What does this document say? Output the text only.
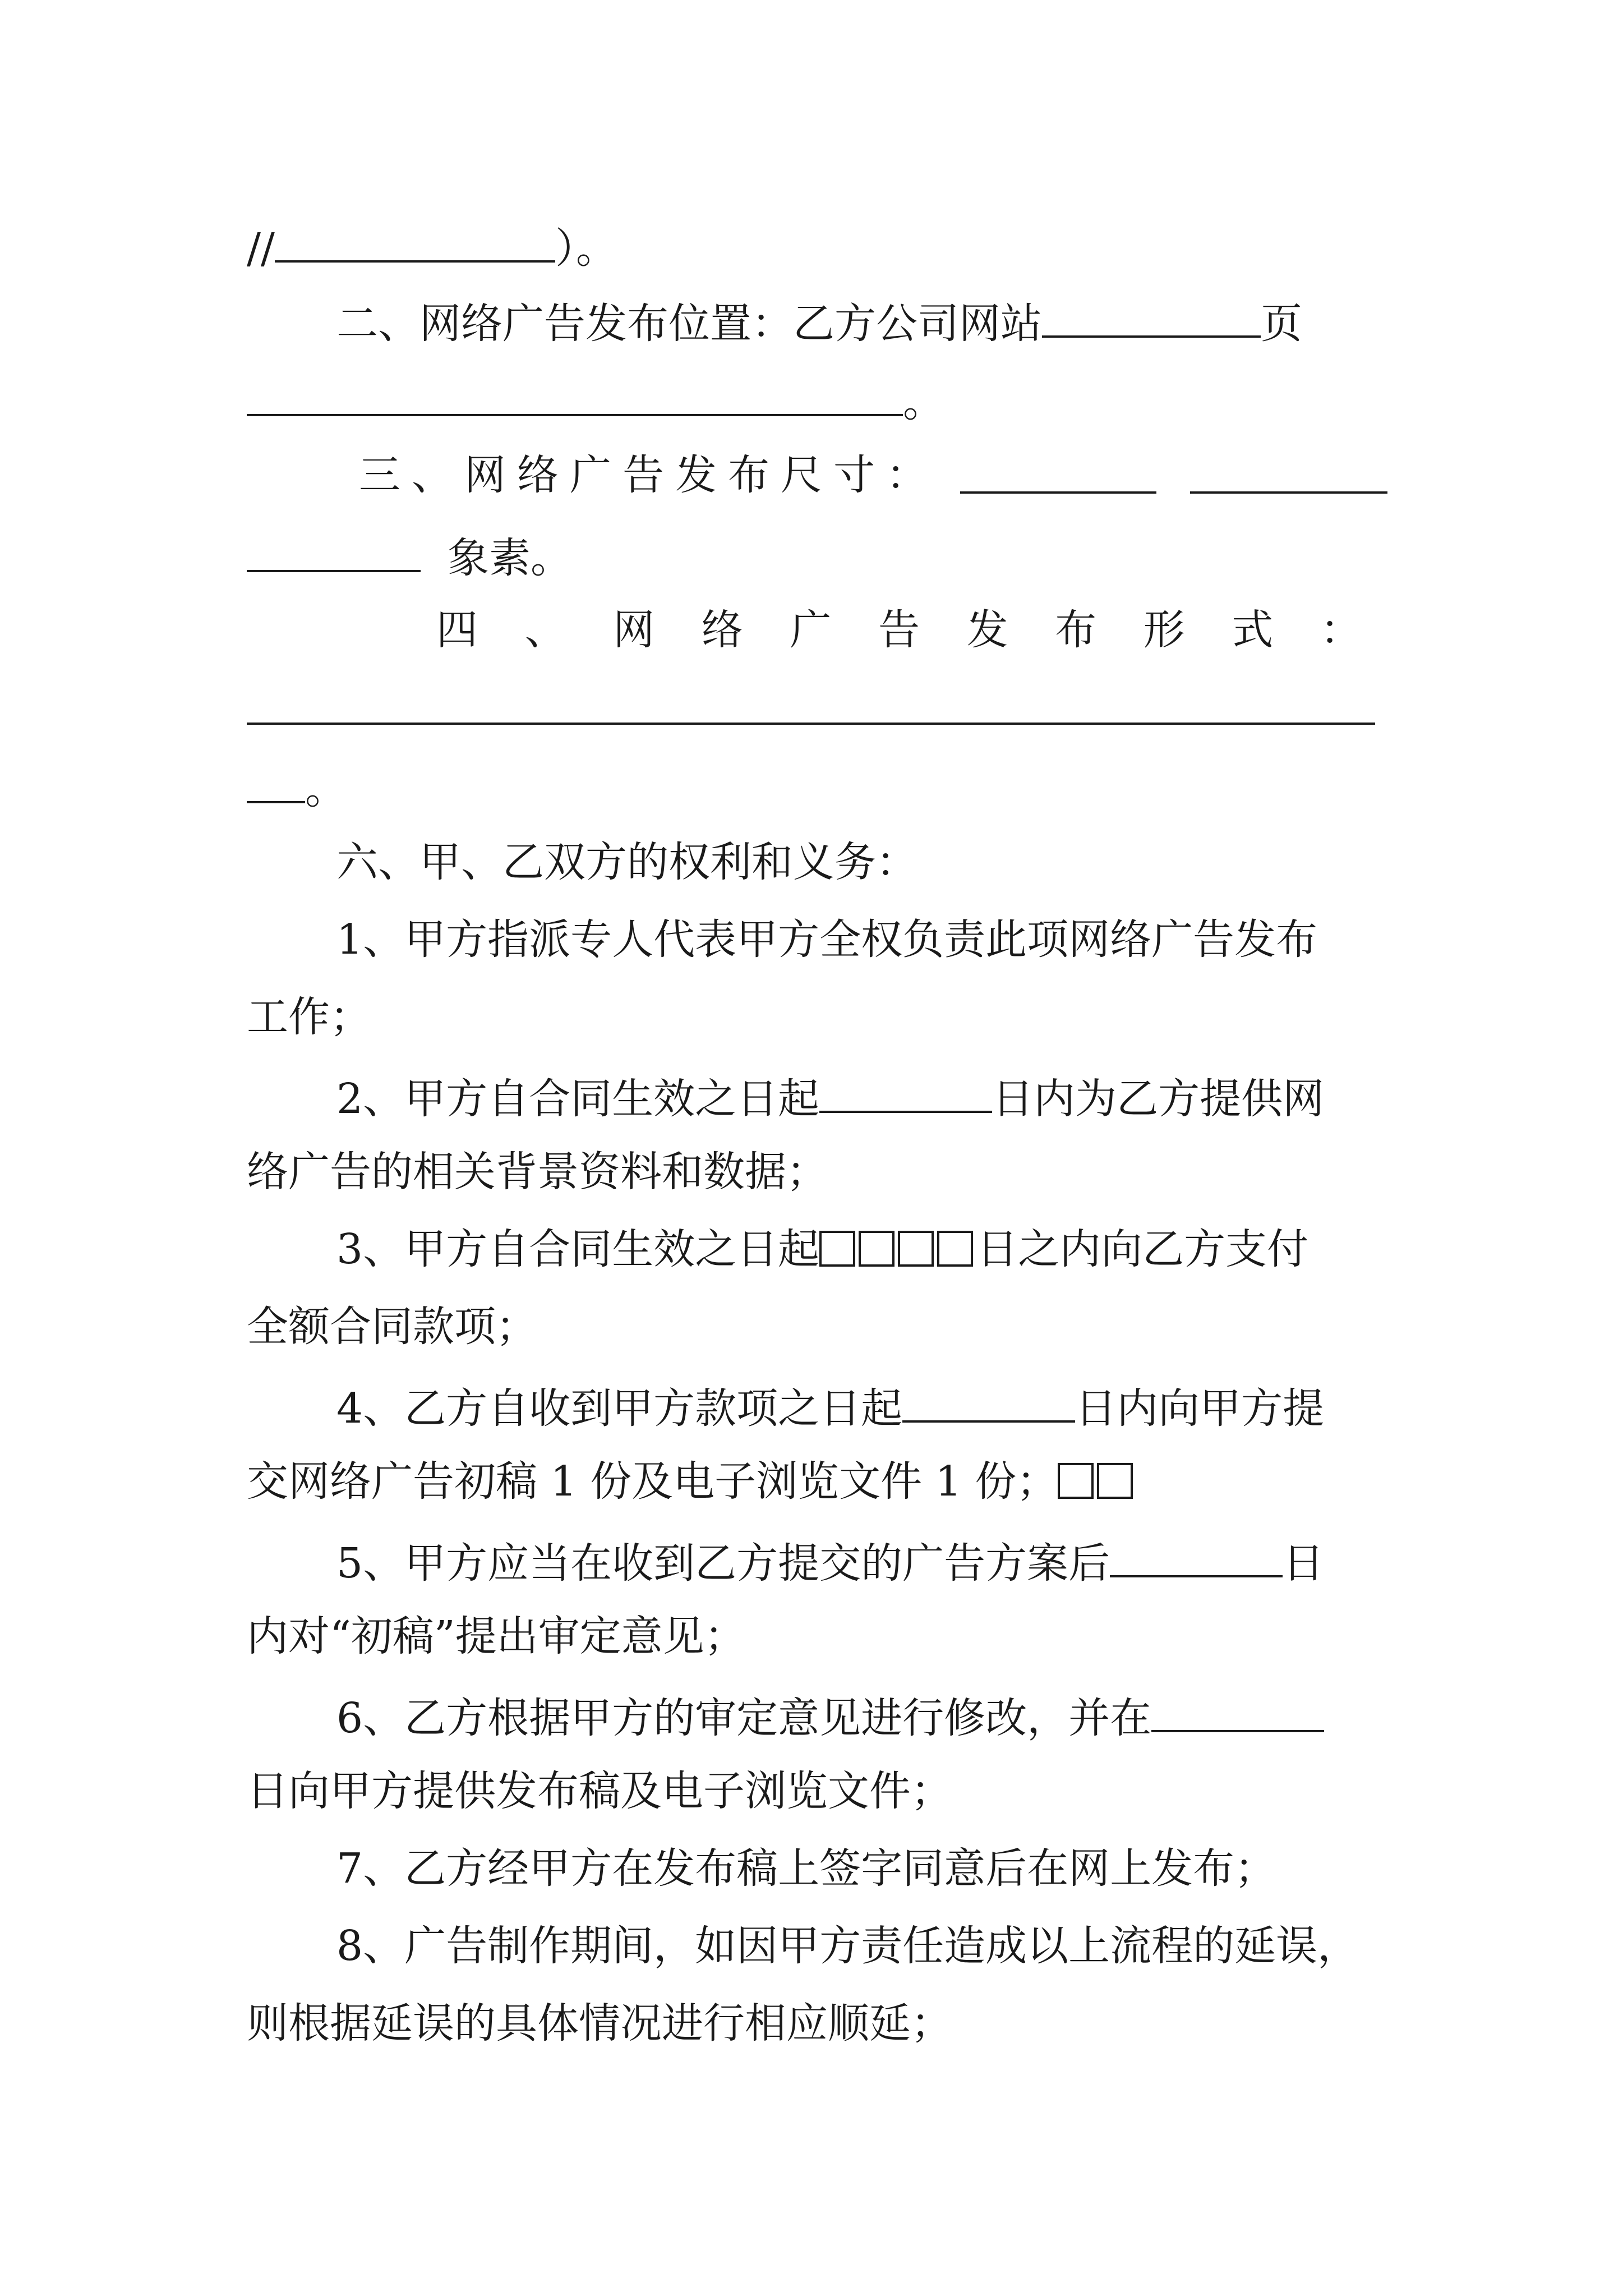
//	）。
二、网络广告发布位置：乙方公司网站	页
。
三、网络广告发布尺寸：
象素。
四 、 网 络 广 告 发 布 形 式 ：
。
六、甲、乙双方的权利和义务：
1、甲方指派专人代表甲方全权负责此项网络广告发布
工作；
2、甲方自合同生效之日起	日内为乙方提供网
络广告的相关背景资料和数据；
3、甲方自合同生效之日起	日之内向乙方支付
全额合同款项；
4、乙方自收到甲方款项之日起	日内向甲方提
交网络广告初稿 1 份及电子浏览文件 1 份；
5、甲方应当在收到乙方提交的广告方案后	日
内对“初稿”提出审定意见；
6、乙方根据甲方的审定意见进行修改，并在
日向甲方提供发布稿及电子浏览文件；
7、乙方经甲方在发布稿上签字同意后在网上发布；
8、广告制作期间，如因甲方责任造成以上流程的延误，
则根据延误的具体情况进行相应顺延；
